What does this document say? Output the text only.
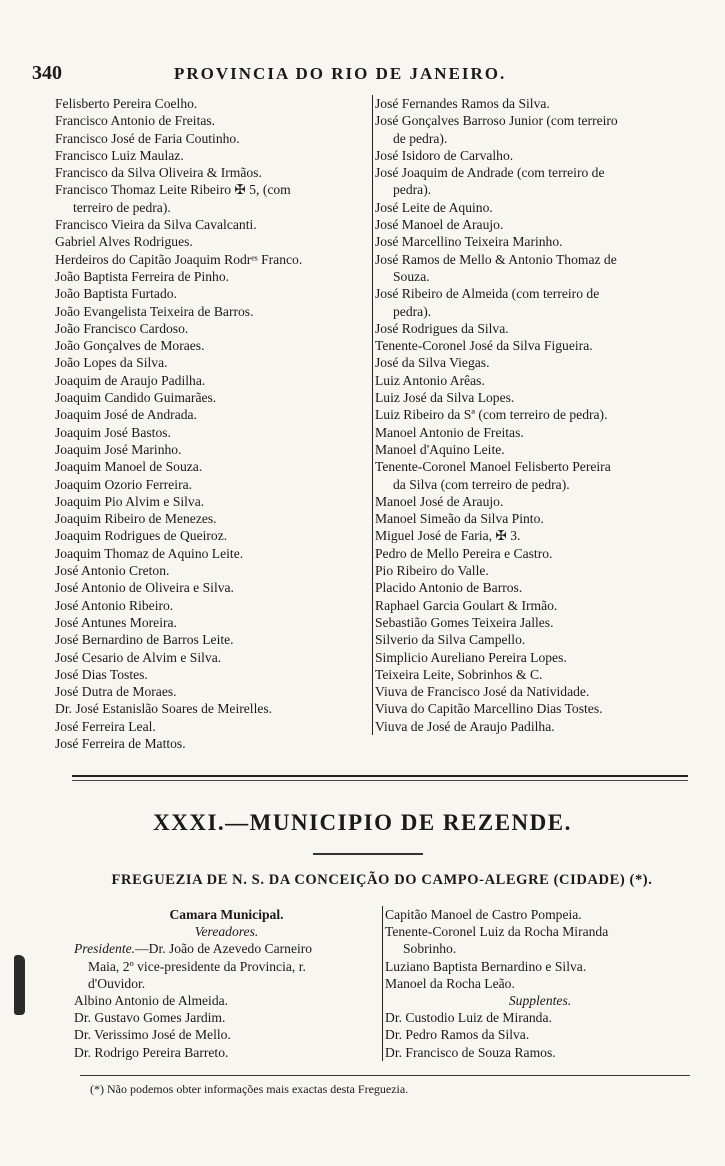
340	PROVINCIA DO RIO DE JANEIRO.
Felisberto Pereira Coelho.
Francisco Antonio de Freitas.
Francisco José de Faria Coutinho.
Francisco Luiz Maulaz.
Francisco da Silva Oliveira & Irmãos.
Francisco Thomaz Leite Ribeiro ✠ 5, (com
terreiro de pedra).
Francisco Vieira da Silva Cavalcanti.
Gabriel Alves Rodrigues.
Herdeiros do Capitão Joaquim Rodrᵉˢ Franco.
João Baptista Ferreira de Pinho.
João Baptista Furtado.
João Evangelista Teixeira de Barros.
João Francisco Cardoso.
João Gonçalves de Moraes.
João Lopes da Silva.
Joaquim de Araujo Padilha.
Joaquim Candido Guimarães.
Joaquim José de Andrada.
Joaquim José Bastos.
Joaquim José Marinho.
Joaquim Manoel de Souza.
Joaquim Ozorio Ferreira.
Joaquim Pio Alvim e Silva.
Joaquim Ribeiro de Menezes.
Joaquim Rodrigues de Queiroz.
Joaquim Thomaz de Aquino Leite.
José Antonio Creton.
José Antonio de Oliveira e Silva.
José Antonio Ribeiro.
José Antunes Moreira.
José Bernardino de Barros Leite.
José Cesario de Alvim e Silva.
José Dias Tostes.
José Dutra de Moraes.
Dr. José Estanislão Soares de Meirelles.
José Ferreira Leal.
José Ferreira de Mattos.
José Fernandes Ramos da Silva.
José Gonçalves Barroso Junior (com terreiro
de pedra).
José Isidoro de Carvalho.
José Joaquim de Andrade (com terreiro de
pedra).
José Leite de Aquino.
José Manoel de Araujo.
José Marcellino Teixeira Marinho.
José Ramos de Mello & Antonio Thomaz de
Souza.
José Ribeiro de Almeida (com terreiro de
pedra).
José Rodrigues da Silva.
Tenente-Coronel José da Silva Figueira.
José da Silva Viegas.
Luiz Antonio Arêas.
Luiz José da Silva Lopes.
Luiz Ribeiro da Sª (com terreiro de pedra).
Manoel Antonio de Freitas.
Manoel d'Aquino Leite.
Tenente-Coronel Manoel Felisberto Pereira
da Silva (com terreiro de pedra).
Manoel José de Araujo.
Manoel Simeão da Silva Pinto.
Miguel José de Faria, ✠ 3.
Pedro de Mello Pereira e Castro.
Pio Ribeiro do Valle.
Placido Antonio de Barros.
Raphael Garcia Goulart & Irmão.
Sebastião Gomes Teixeira Jalles.
Silverio da Silva Campello.
Simplicio Aureliano Pereira Lopes.
Teixeira Leite, Sobrinhos & C.
Viuva de Francisco José da Natividade.
Viuva do Capitão Marcellino Dias Tostes.
Viuva de José de Araujo Padilha.
XXXI.—MUNICIPIO DE REZENDE.
FREGUEZIA DE N. S. DA CONCEIÇÃO DO CAMPO-ALEGRE (CIDADE) (*).
Camara Municipal.
Vereadores.
Presidente.—Dr. João de Azevedo Carneiro
Maia, 2º vice-presidente da Provincia, r.
d'Ouvidor.
Albino Antonio de Almeida.
Dr. Gustavo Gomes Jardim.
Dr. Verissimo José de Mello.
Dr. Rodrigo Pereira Barreto.
Capitão Manoel de Castro Pompeia.
Tenente-Coronel Luiz da Rocha Miranda
Sobrinho.
Luziano Baptista Bernardino e Silva.
Manoel da Rocha Leão.
Supplentes.
Dr. Custodio Luiz de Miranda.
Dr. Pedro Ramos da Silva.
Dr. Francisco de Souza Ramos.
(*) Não podemos obter informações mais exactas desta Freguezia.
